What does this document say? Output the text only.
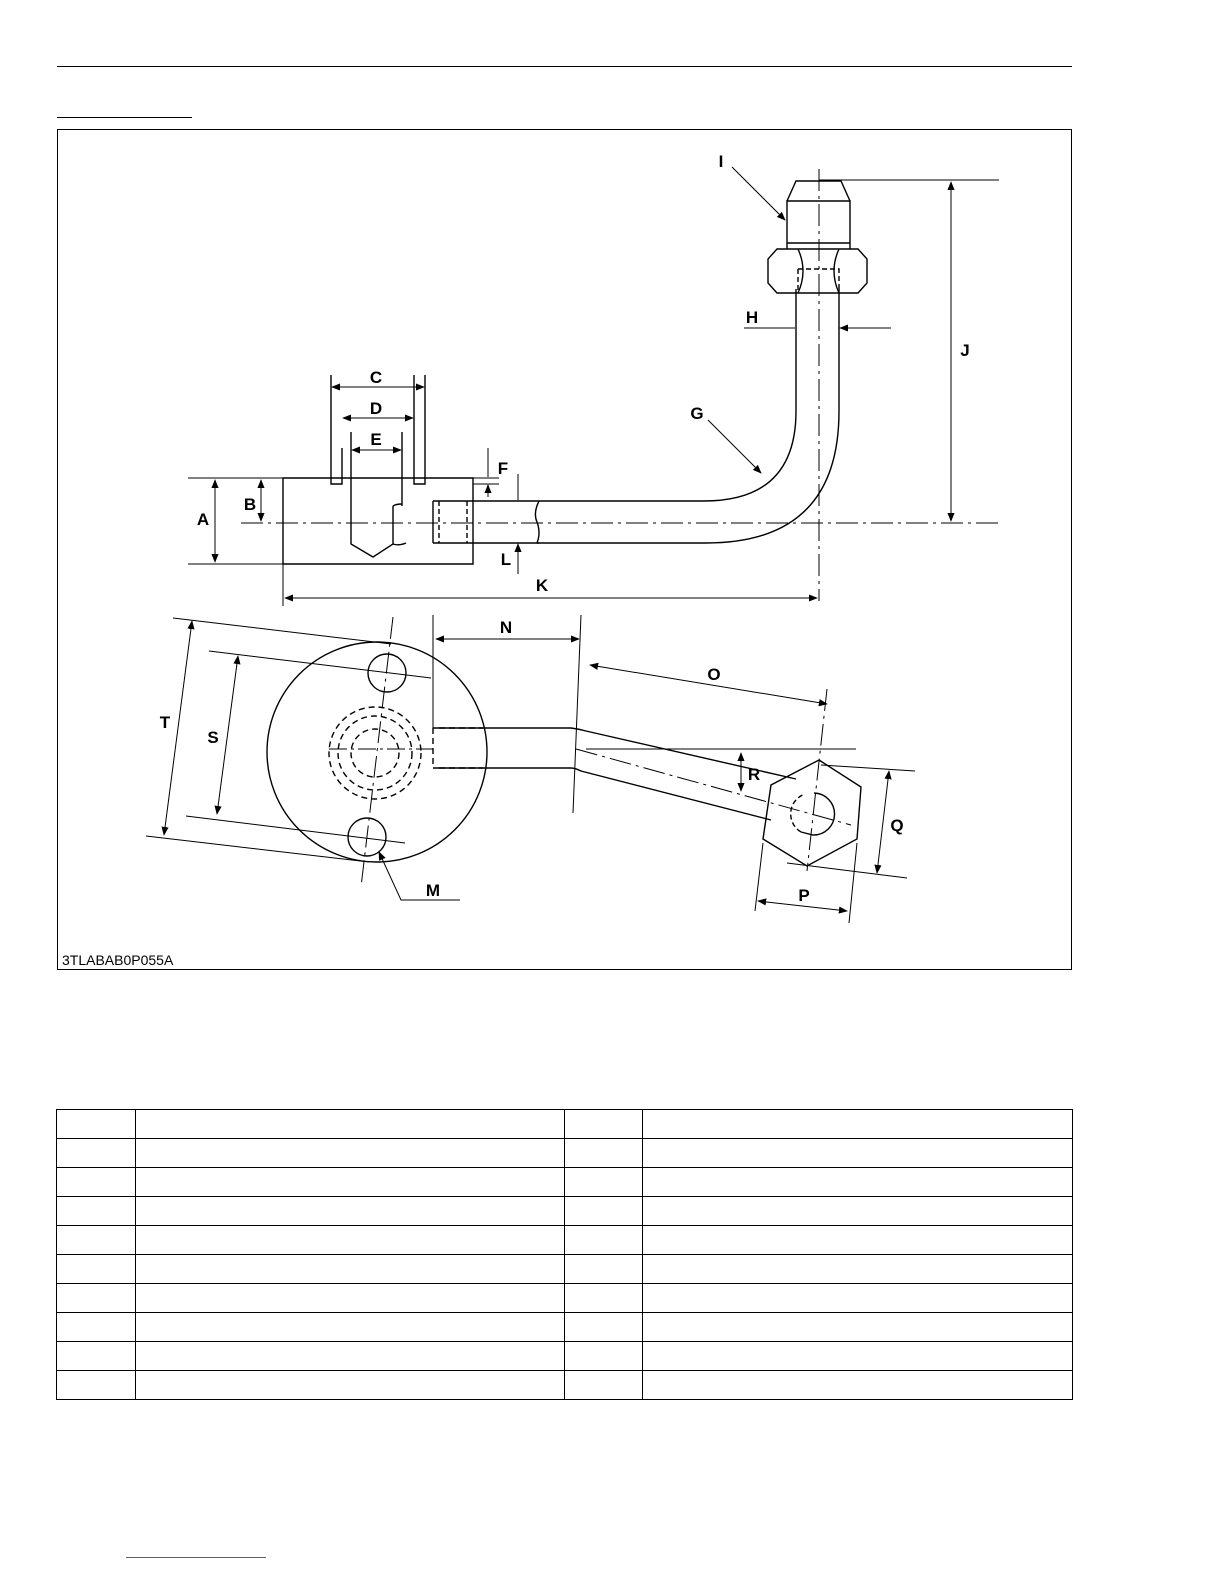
I
H
J
C
D	G
E
F
B
A
L
K
N
O
T
S
R
Q
M	P
3TLABAB0P055A
